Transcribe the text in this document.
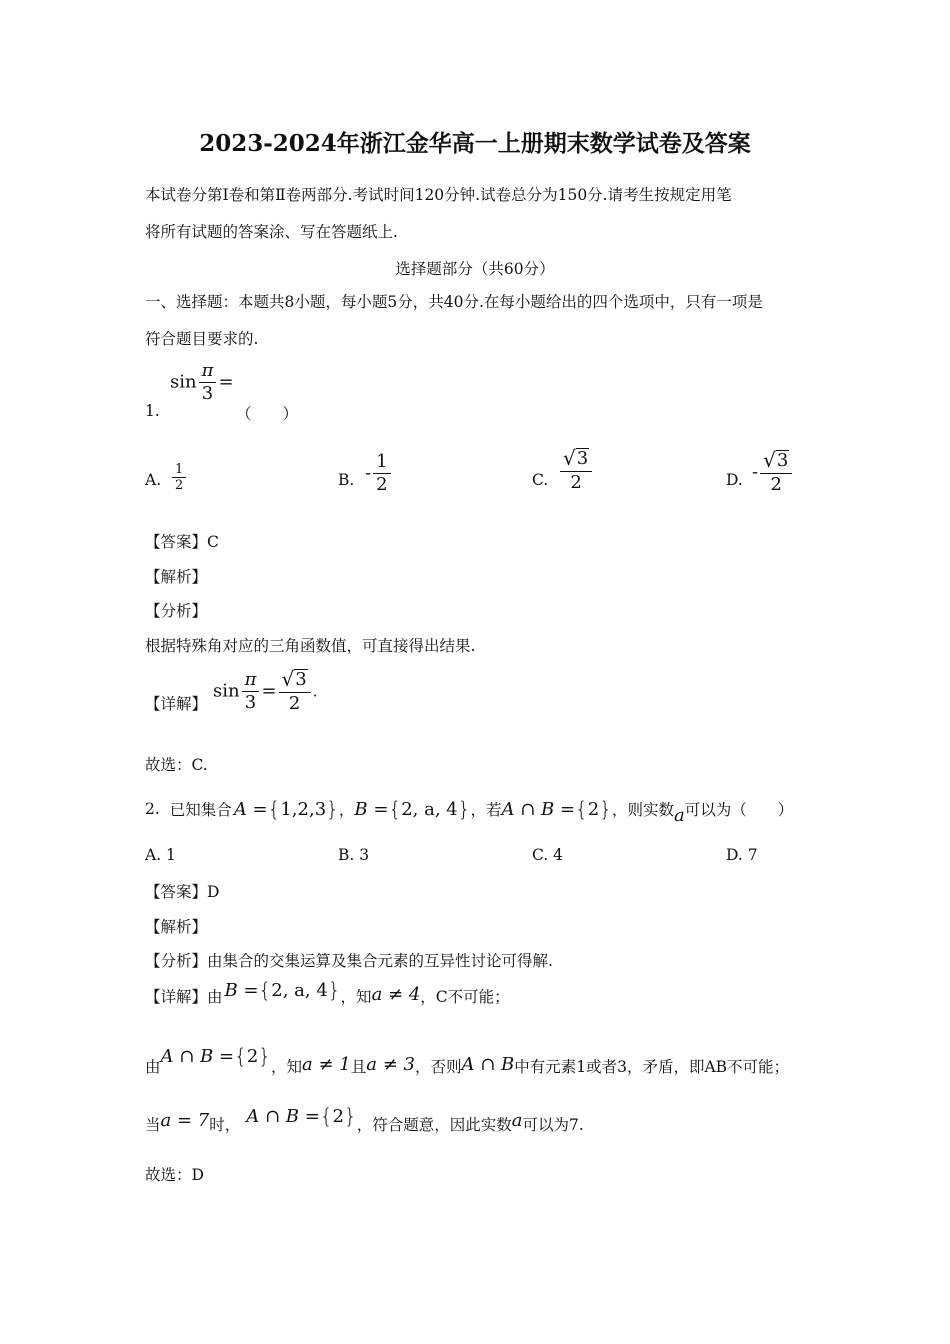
2023-2024年浙江金华高一上册期末数学试卷及答案
本试卷分第Ⅰ卷和第Ⅱ卷两部分.考试时间120分钟.试卷总分为150分.请考生按规定用笔
将所有试题的答案涂、写在答题纸上.
选择题部分（共60分）
一、选择题：本题共8小题，每小题5分，共40分.在每小题给出的四个选项中，只有一项是
符合题目要求的.
$\sin \frac{\pi}{3}$ =
1.	（　　）
A. $\frac{1}{2}$	B. - $\frac{1}{2}$	C. $\frac{√ 3}{2}$	D. - $\frac{√ 3}{2}$
【答案】C
【解析】
【分析】
根据特殊角对应的三角函数值，可直接得出结果.
【详解】
$\sin \frac{\pi}{3} = \frac{√ 3}{2}$ .
故选：C.
2. 已知集合 A = { 1,2,3 } ， B = { 2, a, 4 } ，若 A ∩ B = { 2 } ，则实数 a 可以为（　　）
A. 1	B. 3	C. 4	D. 7
【答案】D
【解析】
【分析】由集合的交集运算及集合元素的互异性讨论可得解.
【详解】由 B = { 2, a, 4 } ，知 a ≠ 4 ，C不可能；
由
A ∩ B = { 2 } ，知 a ≠ 1 且 a ≠ 3 ，否则 A ∩ B 中有元素1或者3，矛盾，即AB不可能；
当 a = 7 时， A ∩ B = { 2 } ，符合题意，因此实数 a 可以为7.
故选：D
